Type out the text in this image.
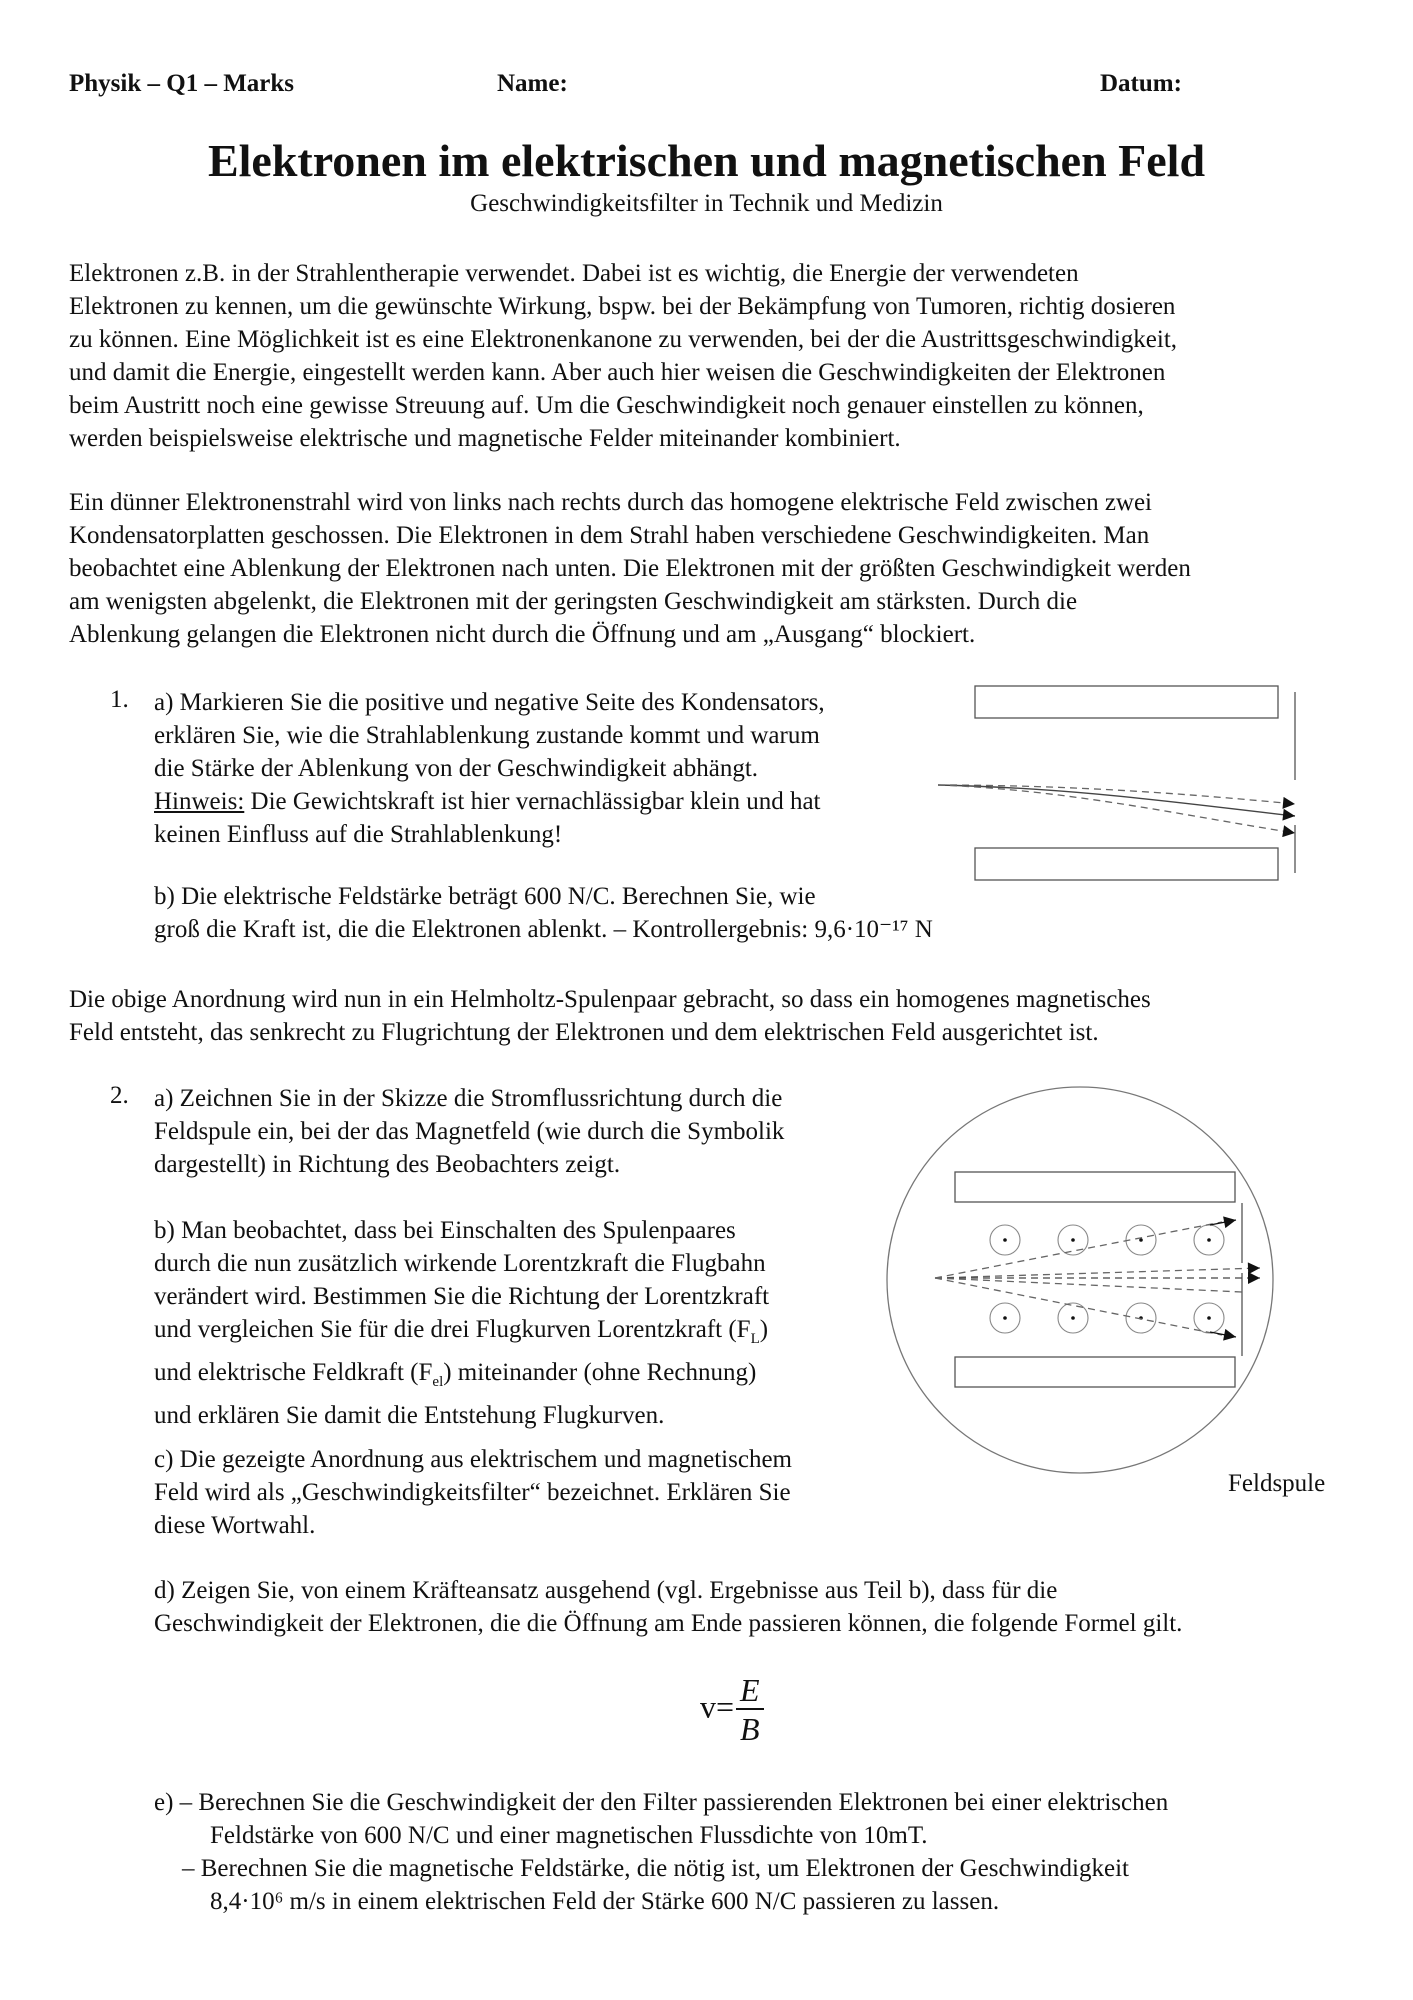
Physik – Q1 – Marks	Name:	Datum:
Elektronen im elektrischen und magnetischen Feld
Geschwindigkeitsfilter in Technik und Medizin

Elektronen z.B. in der Strahlentherapie verwendet. Dabei ist es wichtig, die Energie der verwendeten

Elektronen zu kennen, um die gewünschte Wirkung, bspw. bei der Bekämpfung von Tumoren, richtig dosieren

zu können. Eine Möglichkeit ist es eine Elektronenkanone zu verwenden, bei der die Austrittsgeschwindigkeit,

und damit die Energie, eingestellt werden kann. Aber auch hier weisen die Geschwindigkeiten der Elektronen

beim Austritt noch eine gewisse Streuung auf. Um die Geschwindigkeit noch genauer einstellen zu können,

werden beispielsweise elektrische und magnetische Felder miteinander kombiniert.

Ein dünner Elektronenstrahl wird von links nach rechts durch das homogene elektrische Feld zwischen zwei

Kondensatorplatten geschossen. Die Elektronen in dem Strahl haben verschiedene Geschwindigkeiten. Man

beobachtet eine Ablenkung der Elektronen nach unten. Die Elektronen mit der größten Geschwindigkeit werden

am wenigsten abgelenkt, die Elektronen mit der geringsten Geschwindigkeit am stärksten. Durch die

Ablenkung gelangen die Elektronen nicht durch die Öffnung und am „Ausgang“ blockiert.

1. a) Markieren Sie die positive und negative Seite des Kondensators,

erklären Sie, wie die Strahlablenkung zustande kommt und warum

die Stärke der Ablenkung von der Geschwindigkeit abhängt.

Hinweis: Die Gewichtskraft ist hier vernachlässigbar klein und hat

keinen Einfluss auf die Strahlablenkung!

b) Die elektrische Feldstärke beträgt 600 N/C. Berechnen Sie, wie

groß die Kraft ist, die die Elektronen ablenkt. – Kontrollergebnis: 9,6·10⁻¹⁷ N

Die obige Anordnung wird nun in ein Helmholtz-Spulenpaar gebracht, so dass ein homogenes magnetisches

Feld entsteht, das senkrecht zu Flugrichtung der Elektronen und dem elektrischen Feld ausgerichtet ist.

2. a) Zeichnen Sie in der Skizze die Stromflussrichtung durch die

Feldspule ein, bei der das Magnetfeld (wie durch die Symbolik

dargestellt) in Richtung des Beobachters zeigt.

b) Man beobachtet, dass bei Einschalten des Spulenpaares

durch die nun zusätzlich wirkende Lorentzkraft die Flugbahn

verändert wird. Bestimmen Sie die Richtung der Lorentzkraft

und vergleichen Sie für die drei Flugkurven Lorentzkraft $(F_L)$

und elektrische Feldkraft $(F_{el})$ miteinander (ohne Rechnung)

und erklären Sie damit die Entstehung Flugkurven.

c) Die gezeigte Anordnung aus elektrischem und magnetischem

Feld wird als „Geschwindigkeitsfilter“ bezeichnet. Erklären Sie

diese Wortwahl.

d) Zeigen Sie, von einem Kräfteansatz ausgehend (vgl. Ergebnisse aus Teil b), dass für die

Geschwindigkeit der Elektronen, die die Öffnung am Ende passieren können, die folgende Formel gilt.

$v= \frac{E}{B}$

e) – Berechnen Sie die Geschwindigkeit der den Filter passierenden Elektronen bei einer elektrischen

Feldstärke von 600 N/C und einer magnetischen Flussdichte von 10mT.

– Berechnen Sie die magnetische Feldstärke, die nötig ist, um Elektronen der Geschwindigkeit

8,4·10⁶ m/s in einem elektrischen Feld der Stärke 600 N/C passieren zu lassen.

Feldspule
